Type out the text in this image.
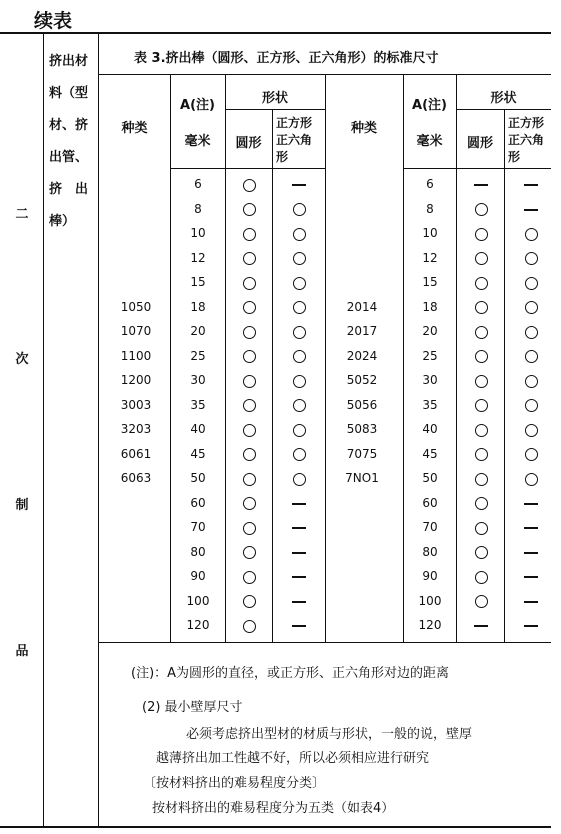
续表
二
次
制
品
挤出材
料（型
材、挤
出管、
挤　出
棒）
表 3.挤出棒（圆形、正方形、正六角形）的标准尺寸
种类
A(注)
毫米
形状
圆形
正方形
正六角
形
种类
A(注)
毫米
形状
圆形
正方形
正六角
形
6
8
10
12
15
18
20
25
30
35
40
45
50
60
70
80
90
100
120
1050
1070
1100
1200
3003
3203
6061
6063
6
8
10
12
15
18
20
25
30
35
40
45
50
60
70
80
90
100
120
2014
2017
2024
5052
5056
5083
7075
7NO1
(注)：A为圆形的直径，或正方形、正六角形对边的距离
(2) 最小壁厚尺寸
必须考虑挤出型材的材质与形状，一般的说，壁厚
越薄挤出加工性越不好，所以必须相应进行研究
〔按材料挤出的难易程度分类〕
按材料挤出的难易程度分为五类（如表4）
